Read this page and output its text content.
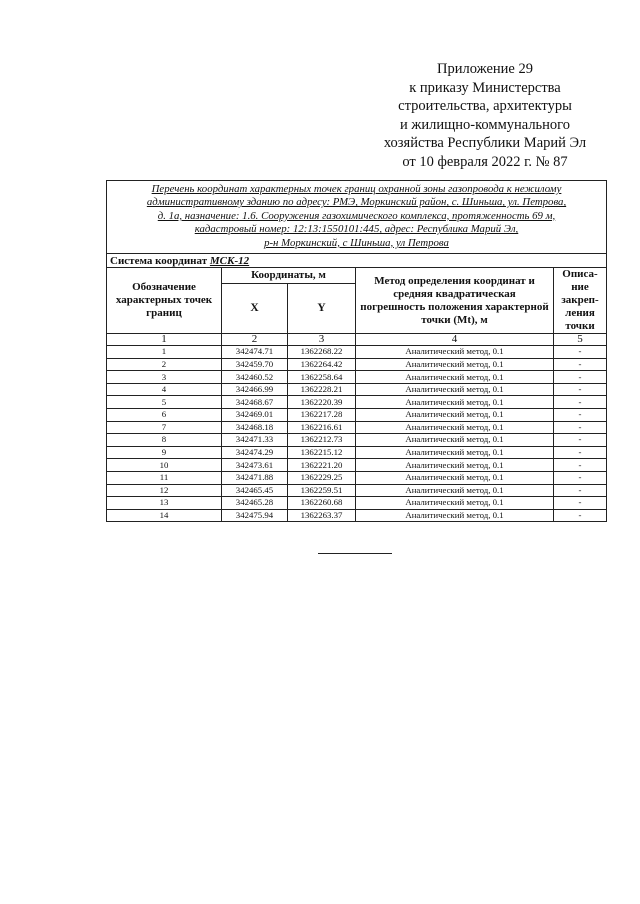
Приложение 29
к приказу Министерства
строительства, архитектуры
и жилищно-коммунального
хозяйства Республики Марий Эл
от 10 февраля 2022 г. № 87
Перечень координат характерных точек границ охранной зоны газопровода к нежилому
административному зданию по адресу: РМЭ, Моркинский район, с. Шиньша, ул. Петрова,
д. 1а, назначение: 1.6. Сооружения газохимического комплекса, протяженность 69 м,
кадастровый номер: 12:13:1550101:445, адрес: Республика Марий Эл,
р-н Моркинский, с Шиньша, ул Петрова				

Система координат МСК-12				
Обозначение характерных точек границ	Координаты, м		Метод определения координат и средняя квадратическая погрешность положения характерной точки (Mt), м	Описа-ние закреп-ления точки
	X	Y		
1	2	3	4	5
1	342474.71	1362268.22	Аналитический метод, 0.1	-
2	342459.70	1362264.42	Аналитический метод, 0.1	-
3	342460.52	1362258.64	Аналитический метод, 0.1	-
4	342466.99	1362228.21	Аналитический метод, 0.1	-
5	342468.67	1362220.39	Аналитический метод, 0.1	-
6	342469.01	1362217.28	Аналитический метод, 0.1	-
7	342468.18	1362216.61	Аналитический метод, 0.1	-
8	342471.33	1362212.73	Аналитический метод, 0.1	-
9	342474.29	1362215.12	Аналитический метод, 0.1	-
10	342473.61	1362221.20	Аналитический метод, 0.1	-
11	342471.88	1362229.25	Аналитический метод, 0.1	-
12	342465.45	1362259.51	Аналитический метод, 0.1	-
13	342465.28	1362260.68	Аналитический метод, 0.1	-
14	342475.94	1362263.37	Аналитический метод, 0.1	-
